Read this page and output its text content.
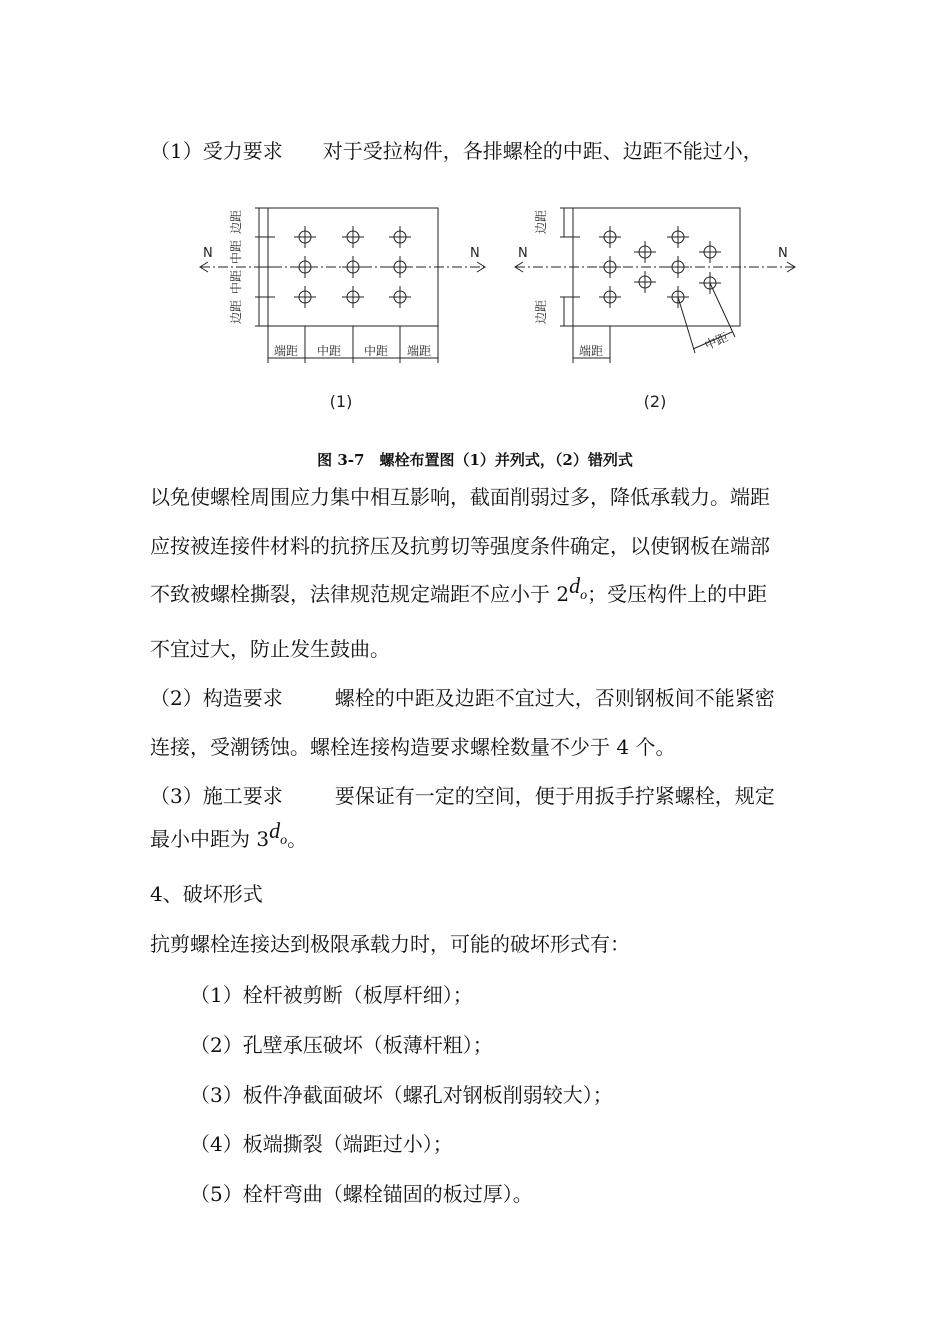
（1）受力要求 对于受拉构件，各排螺栓的中距、边距不能过小，
N	N
边距
中距
中距
边距
端距 中距 中距 端距
(1)
N	N
边距
边距
端距	中距
(2)
图 3-7　螺栓布置图（1）并列式，（2）错列式
以免使螺栓周围应力集中相互影响，截面削弱过多，降低承载力。端距
应按被连接件材料的抗挤压及抗剪切等强度条件确定，以使钢板在端部
不致被螺栓撕裂，法律规范规定端距不应小于 2do；受压构件上的中距
不宜过大，防止发生鼓曲。
（2）构造要求	螺栓的中距及边距不宜过大，否则钢板间不能紧密
连接，受潮锈蚀。螺栓连接构造要求螺栓数量不少于 4 个。
（3）施工要求	要保证有一定的空间，便于用扳手拧紧螺栓，规定
最小中距为 3do。
4、破坏形式
抗剪螺栓连接达到极限承载力时，可能的破坏形式有：
（1）栓杆被剪断（板厚杆细）；
（2）孔壁承压破坏（板薄杆粗）；
（3）板件净截面破坏（螺孔对钢板削弱较大）；
（4）板端撕裂（端距过小）；
（5）栓杆弯曲（螺栓锚固的板过厚）。
